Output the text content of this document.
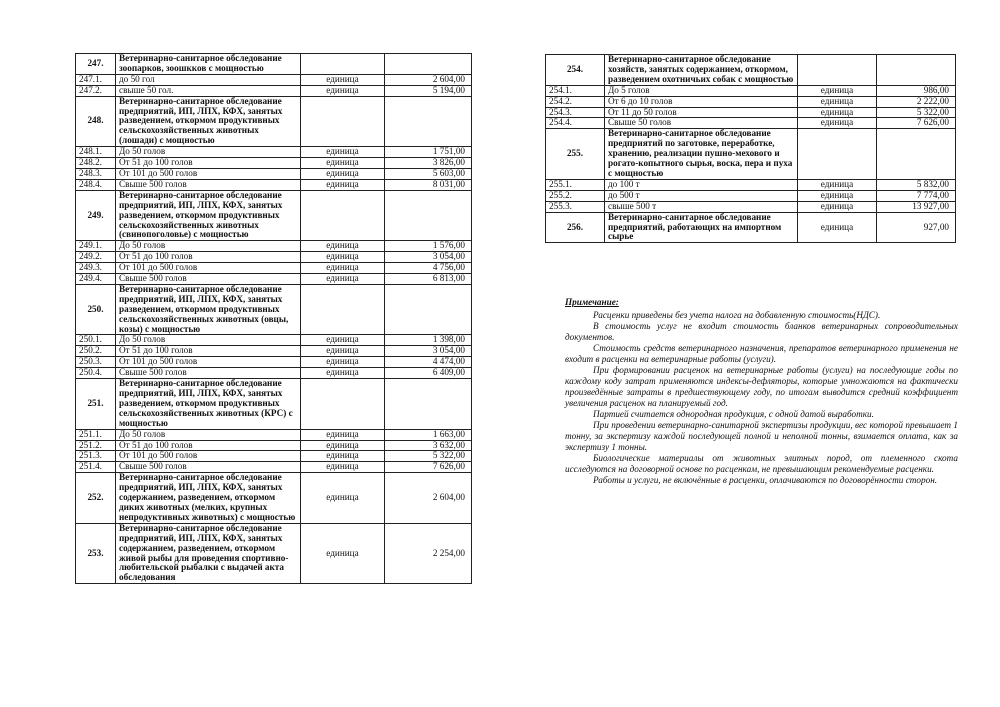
247.	Ветеринарно-санитарное обследование зоопарков, зоошкков с мощностью		
247.1.	до 50 гол	единица	2 604,00
247.2.	свыше 50 гол.	единица	5 194,00
248.	Ветеринарно-санитарное обследование предприятий, ИП, ЛПХ, КФХ, занятых разведением, откормом продуктивных сельскохозяйственных животных (лошади) с мощностью		
248.1.	До 50 голов	единица	1 751,00
248.2.	От 51 до 100 голов	единица	3 826,00
248.3.	От 101 до 500 голов	единица	5 603,00
248.4.	Свыше 500 голов	единица	8 031,00
249.	Ветеринарно-санитарное обследование предприятий, ИП, ЛПХ, КФХ, занятых разведением, откормом продуктивных сельскохозяйственных животных (свинопоголовье) с мощностью		
249.1.	До 50 голов	единица	1 576,00
249.2.	От 51 до 100 голов	единица	3 054,00
249.3.	От 101 до 500 голов	единица	4 756,00
249.4.	Свыше 500 голов	единица	6 813,00
250.	Ветеринарно-санитарное обследование предприятий, ИП, ЛПХ, КФХ, занятых разведением, откормом продуктивных сельскохозяйственных животных (овцы, козы) с мощностью		
250.1.	До 50 голов	единица	1 398,00
250.2.	От 51 до 100 голов	единица	3 054,00
250.3.	От 101 до 500 голов	единица	4 474,00
250.4.	Свыше 500 голов	единица	6 409,00
251.	Ветеринарно-санитарное обследование предприятий, ИП, ЛПХ, КФХ, занятых разведением, откормом продуктивных сельскохозяйственных животных (КРС) с мощностью		
251.1.	До 50 голов	единица	1 663,00
251.2.	От 51 до 100 голов	единица	3 632,00
251.3.	От 101 до 500 голов	единица	5 322,00
251.4.	Свыше 500 голов	единица	7 626,00
252.	Ветеринарно-санитарное обследование предприятий, ИП, ЛПХ, КФХ, занятых содержанием, разведением, откормом диких животных (мелких, крупных непродуктивных животных) с мощностью	единица	2 604,00
253.	Ветеринарно-санитарное обследование предприятий, ИП, ЛПХ, КФХ, занятых содержанием, разведением, откормом живой рыбы для проведения спортивно-любительской рыбалки с выдачей акта обследования	единица	2 254,00
254.	Ветеринарно-санитарное обследование хозяйств, занятых содержанием, откормом, разведением охотничьих собак с мощностью		
254.1.	До 5 голов	единица	986,00
254.2.	От 6 до 10 голов	единица	2 222,00
254.3.	От 11 до 50 голов	единица	5 322,00
254.4.	Свыше 50 голов	единица	7 626,00
255.	Ветеринарно-санитарное обследование предприятий по заготовке, переработке, хранению, реализации пушно-мехового и рогато-копытного сырья, воска, пера и пуха с мощностью		
255.1.	до 100 т	единица	5 832,00
255.2.	до 500 т	единица	7 774,00
255.3.	свыше 500 т	единица	13 927,00
256.	Ветеринарно-санитарное обследование предприятий, работающих на импортном сырье	единица	927,00
Примечание:

Расценки приведены без учета налога на добавленную стоимость(НДС).

В стоимость услуг не входит стоимость бланков ветеринарных сопроводительных документов.

Стоимость средств ветеринарного назначения, препаратов ветеринарного применения не входит в расценки на ветеринарные работы (услуги).

При формировании расценок на ветеринарные работы (услуги) на последующие годы по каждому коду затрат применяются индексы-дефляторы, которые умножаются на фактически произведённые затраты в предшествующему году, по итогам выводится средний коэффициент увеличения расценок на планируемый год.

Партией считается однородная продукция, с одной датой выработки.

При проведении ветеринарно-санитарной экспертизы продукции, вес которой превышает 1 тонну, за экспертизу каждой последующей полной и неполной тонны, взимается оплата, как за экспертизу 1 тонны.

Биологические материалы от животных элитных пород, от племенного скота исследуются на договорной основе по расценкам, не превышающим рекомендуемые расценки.

Работы и услуги, не включённые в расценки, оплачиваются по договорённости сторон.
